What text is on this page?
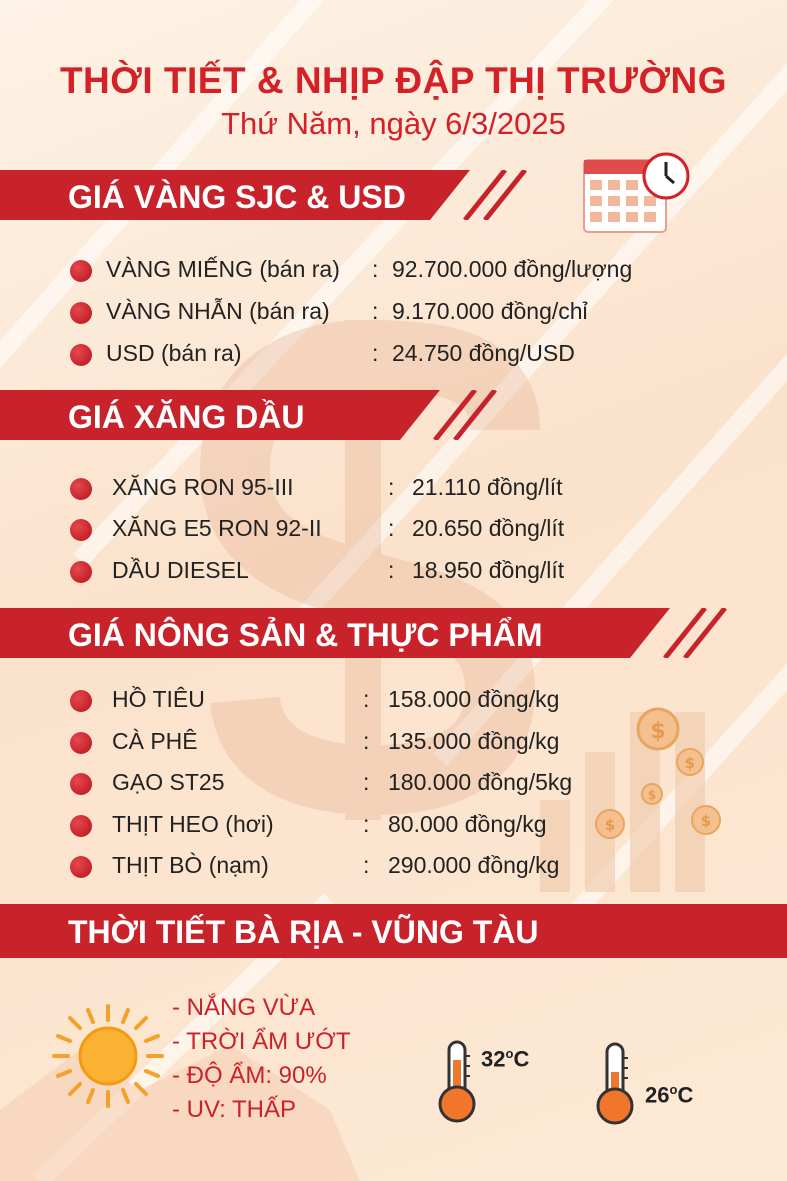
$
$
$
$	$
THỜI TIẾT & NHỊP ĐẬP THỊ TRƯỜNG
Thứ Năm, ngày 6/3/2025
GIÁ VÀNG SJC & USD
VÀNG MIẾNG (bán ra) : 92.700.000 đồng/lượng
VÀNG NHẪN (bán ra) : 9.170.000 đồng/chỉ
USD (bán ra)	: 24.750 đồng/USD
GIÁ XĂNG DẦU
XĂNG RON 95-III	: 21.110 đồng/lít
XĂNG E5 RON 92-II	: 20.650 đồng/lít
DẦU DIESEL	: 18.950 đồng/lít
GIÁ NÔNG SẢN & THỰC PHẨM
HỒ TIÊU	: 158.000 đồng/kg
CÀ PHÊ	: 135.000 đồng/kg
GẠO ST25	: 180.000 đồng/5kg
THỊT HEO (hơi)	: 80.000 đồng/kg
THỊT BÒ (nạm)	: 290.000 đồng/kg
THỜI TIẾT BÀ RỊA - VŨNG TÀU
- NẮNG VỪA
- TRỜI ẨM ƯỚT
- ĐỘ ẨM: 90%
- UV: THẤP
32$^o$C
26$^o$C
